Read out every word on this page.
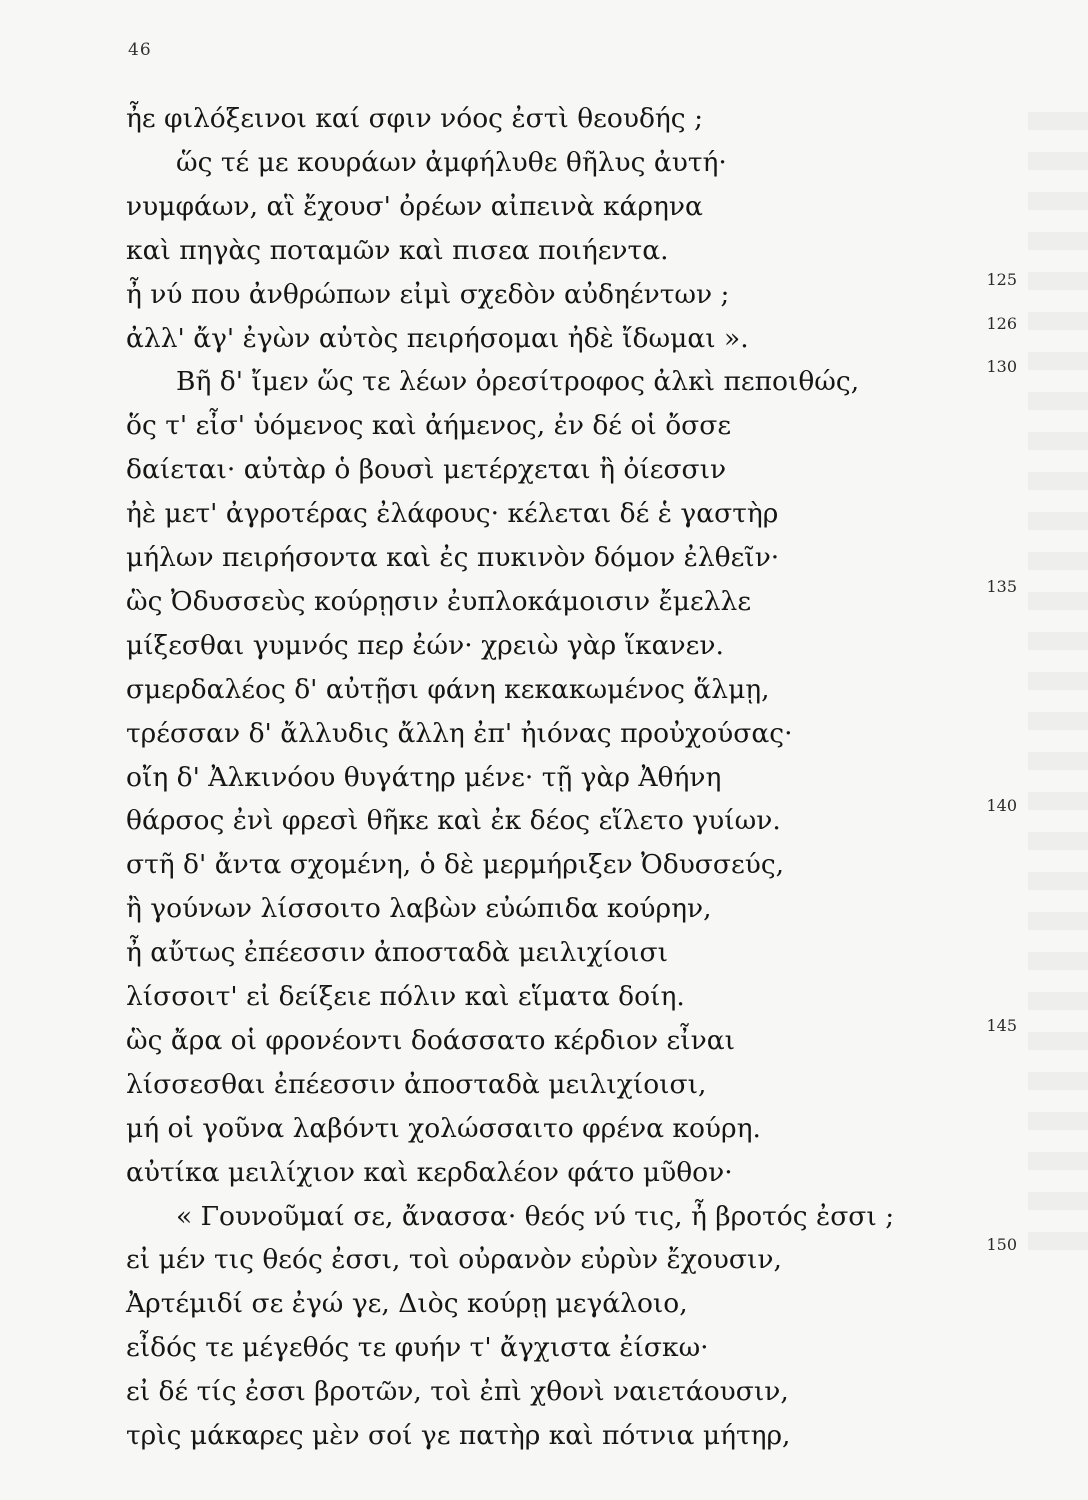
46
ἦε φιλόξεινοι καί σφιν νόος ἐστὶ θεουδής ;
ὥς τέ με κουράων ἀμφήλυθε θῆλυς ἀυτή·
νυμφάων, αἳ ἔχουσ' ὀρέων αἰπεινὰ κάρηνα
καὶ πηγὰς ποταμῶν καὶ πισεα ποιήεντα.
ἦ νύ που ἀνθρώπων εἰμὶ σχεδὸν αὐδηέντων ;	125
ἀλλ' ἄγ' ἐγὼν αὐτὸς πειρήσομαι ἠδὲ ἴδωμαι ».	126
Βῆ δ' ἴμεν ὥς τε λέων ὀρεσίτροφος ἀλκὶ πεποιθώς,	130
ὅς τ' εἶσ' ὑόμενος καὶ ἀήμενος, ἐν δέ οἱ ὄσσε
δαίεται· αὐτὰρ ὁ βουσὶ μετέρχεται ἢ ὀίεσσιν
ἠὲ μετ' ἀγροτέρας ἐλάφους· κέλεται δέ ἑ γαστὴρ
μήλων πειρήσοντα καὶ ἐς πυκινὸν δόμον ἐλθεῖν·
ὣς Ὀδυσσεὺς κούρῃσιν ἐυπλοκάμοισιν ἔμελλε	135
μίξεσθαι γυμνός περ ἐών· χρειὼ γὰρ ἵκανεν.
σμερδαλέος δ' αὐτῇσι φάνη κεκακωμένος ἅλμῃ,
τρέσσαν δ' ἄλλυδις ἄλλη ἐπ' ἠιόνας προὐχούσας·
οἴη δ' Ἀλκινόου θυγάτηρ μένε· τῇ γὰρ Ἀθήνη
θάρσος ἐνὶ φρεσὶ θῆκε καὶ ἐκ δέος εἵλετο γυίων.	140
στῆ δ' ἄντα σχομένη, ὁ δὲ μερμήριξεν Ὀδυσσεύς,
ἢ γούνων λίσσοιτο λαβὼν εὐώπιδα κούρην,
ἦ αὔτως ἐπέεσσιν ἀποσταδὰ μειλιχίοισι
λίσσοιτ' εἰ δείξειε πόλιν καὶ εἵματα δοίη.
ὣς ἄρα οἱ φρονέοντι δοάσσατο κέρδιον εἶναι	145
λίσσεσθαι ἐπέεσσιν ἀποσταδὰ μειλιχίοισι,
μή οἱ γοῦνα λαβόντι χολώσσαιτο φρένα κούρη.
αὐτίκα μειλίχιον καὶ κερδαλέον φάτο μῦθον·
« Γουνοῦμαί σε, ἄνασσα· θεός νύ τις, ἦ βροτός ἐσσι ;
εἰ μέν τις θεός ἐσσι, τοὶ οὐρανὸν εὐρὺν ἔχουσιν,	150
Ἀρτέμιδί σε ἐγώ γε, Διὸς κούρῃ μεγάλοιο,
εἶδός τε μέγεθός τε φυήν τ' ἄγχιστα ἐίσκω·
εἰ δέ τίς ἐσσι βροτῶν, τοὶ ἐπὶ χθονὶ ναιετάουσιν,
τρὶς μάκαρες μὲν σοί γε πατὴρ καὶ πότνια μήτηρ,
